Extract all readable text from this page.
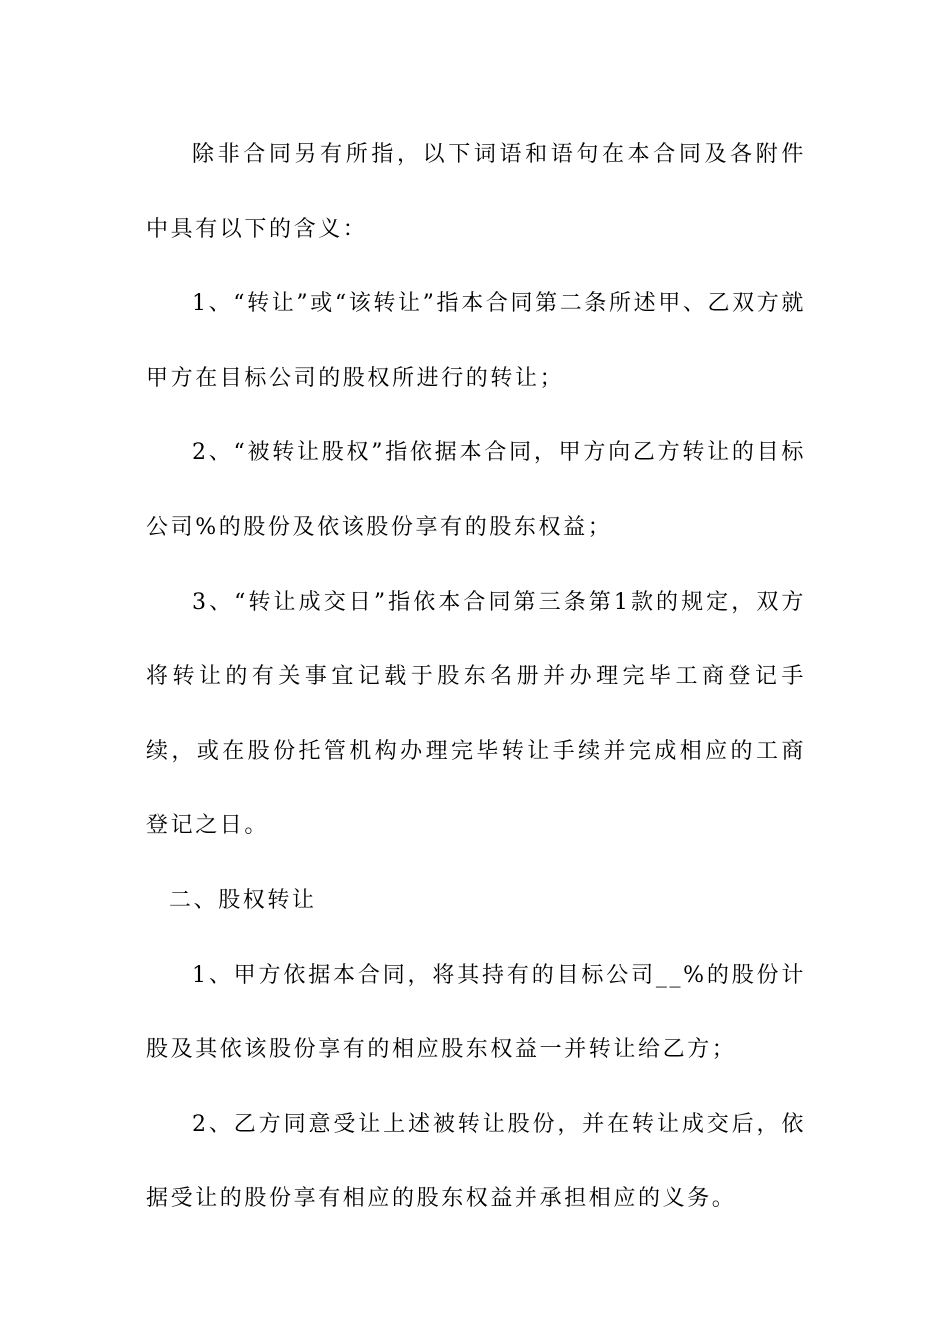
除非合同另有所指，以下词语和语句在本合同及各附件中具有以下的含义：

1、“转让”或“该转让”指本合同第二条所述甲、乙双方就甲方在目标公司的股权所进行的转让；

2、“被转让股权”指依据本合同，甲方向乙方转让的目标公司%的股份及依该股份享有的股东权益；

3、“转让成交日”指依本合同第三条第1款的规定，双方将转让的有关事宜记载于股东名册并办理完毕工商登记手续，或在股份托管机构办理完毕转让手续并完成相应的工商登记之日。

二、股权转让

1、甲方依据本合同，将其持有的目标公司__%的股份计股及其依该股份享有的相应股东权益一并转让给乙方；

2、乙方同意受让上述被转让股份，并在转让成交后，依据受让的股份享有相应的股东权益并承担相应的义务。
